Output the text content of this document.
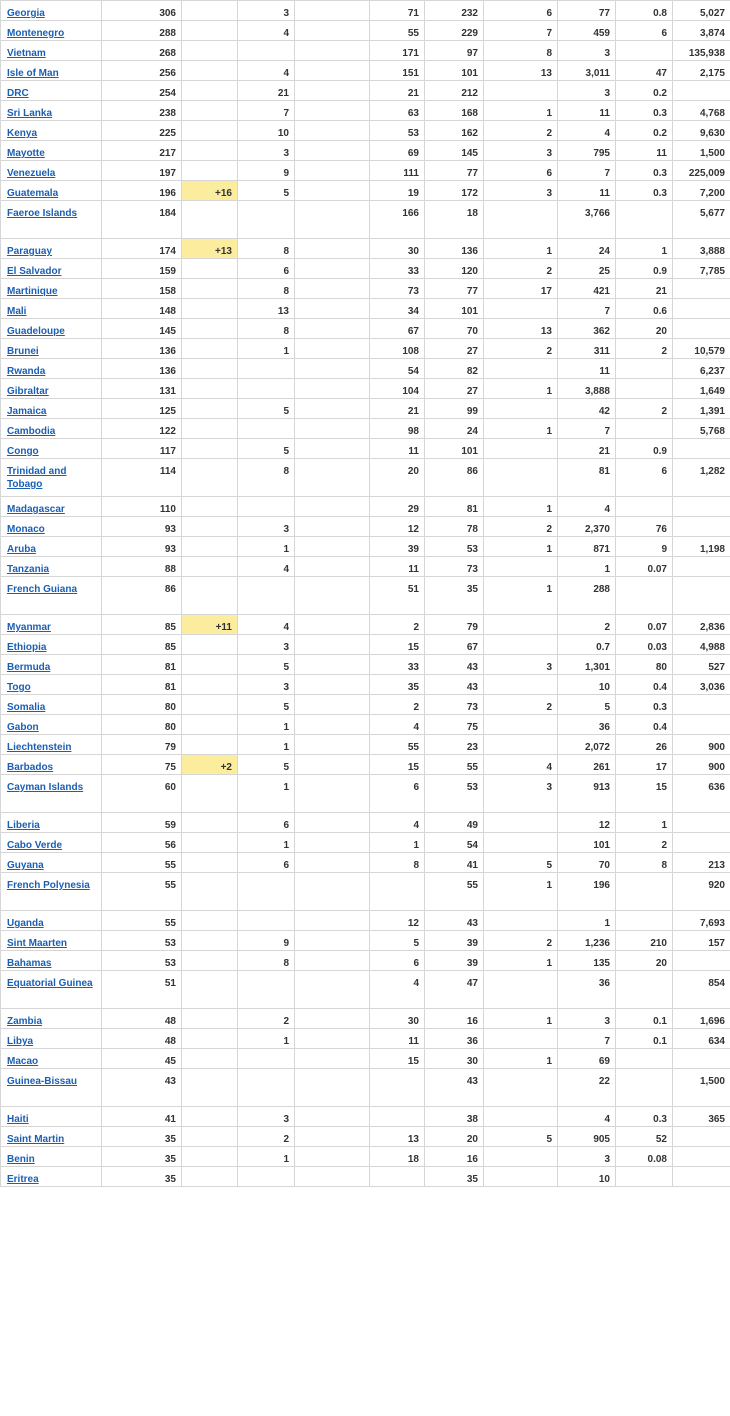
Georgia	306		3		71	232	6	77	0.8	5,027	
Montenegro	288		4		55	229	7	459	6	3,874	
Vietnam	268				171	97	8	3		135,938	
Isle of Man	256		4		151	101	13	3,011	47	2,175	
DRC	254		21		21	212		3	0.2		
Sri Lanka	238		7		63	168	1	11	0.3	4,768	
Kenya	225		10		53	162	2	4	0.2	9,630	
Mayotte	217		3		69	145	3	795	11	1,500	
Venezuela	197		9		111	77	6	7	0.3	225,009	
Guatemala	196	+16	5		19	172	3	11	0.3	7,200	
Faeroe Islands	184				166	18		3,766		5,677	
Paraguay	174	+13	8		30	136	1	24	1	3,888	
El Salvador	159		6		33	120	2	25	0.9	7,785	
Martinique	158		8		73	77	17	421	21		
Mali	148		13		34	101		7	0.6		
Guadeloupe	145		8		67	70	13	362	20		
Brunei	136		1		108	27	2	311	2	10,579	
Rwanda	136				54	82		11		6,237	
Gibraltar	131				104	27	1	3,888		1,649	
Jamaica	125		5		21	99		42	2	1,391	
Cambodia	122				98	24	1	7		5,768	
Congo	117		5		11	101		21	0.9		
Trinidad and Tobago	114		8		20	86		81	6	1,282	
Madagascar	110				29	81	1	4			
Monaco	93		3		12	78	2	2,370	76		
Aruba	93		1		39	53	1	871	9	1,198	
Tanzania	88		4		11	73		1	0.07		
French Guiana	86				51	35	1	288			
Myanmar	85	+11	4		2	79		2	0.07	2,836	
Ethiopia	85		3		15	67		0.7	0.03	4,988	
Bermuda	81		5		33	43	3	1,301	80	527	
Togo	81		3		35	43		10	0.4	3,036	
Somalia	80		5		2	73	2	5	0.3		
Gabon	80		1		4	75		36	0.4		
Liechtenstein	79		1		55	23		2,072	26	900	
Barbados	75	+2	5		15	55	4	261	17	900	
Cayman Islands	60		1		6	53	3	913	15	636	
Liberia	59		6		4	49		12	1		
Cabo Verde	56		1		1	54		101	2		
Guyana	55		6		8	41	5	70	8	213	
French Polynesia	55					55	1	196		920	
Uganda	55				12	43		1		7,693	
Sint Maarten	53		9		5	39	2	1,236	210	157	
Bahamas	53		8		6	39	1	135	20		
Equatorial Guinea	51				4	47		36		854	
Zambia	48		2		30	16	1	3	0.1	1,696	
Libya	48		1		11	36		7	0.1	634	
Macao	45				15	30	1	69			
Guinea-Bissau	43					43		22		1,500	
Haiti	41		3			38		4	0.3	365	
Saint Martin	35		2		13	20	5	905	52		
Benin	35		1		18	16		3	0.08		
Eritrea	35					35		10			
